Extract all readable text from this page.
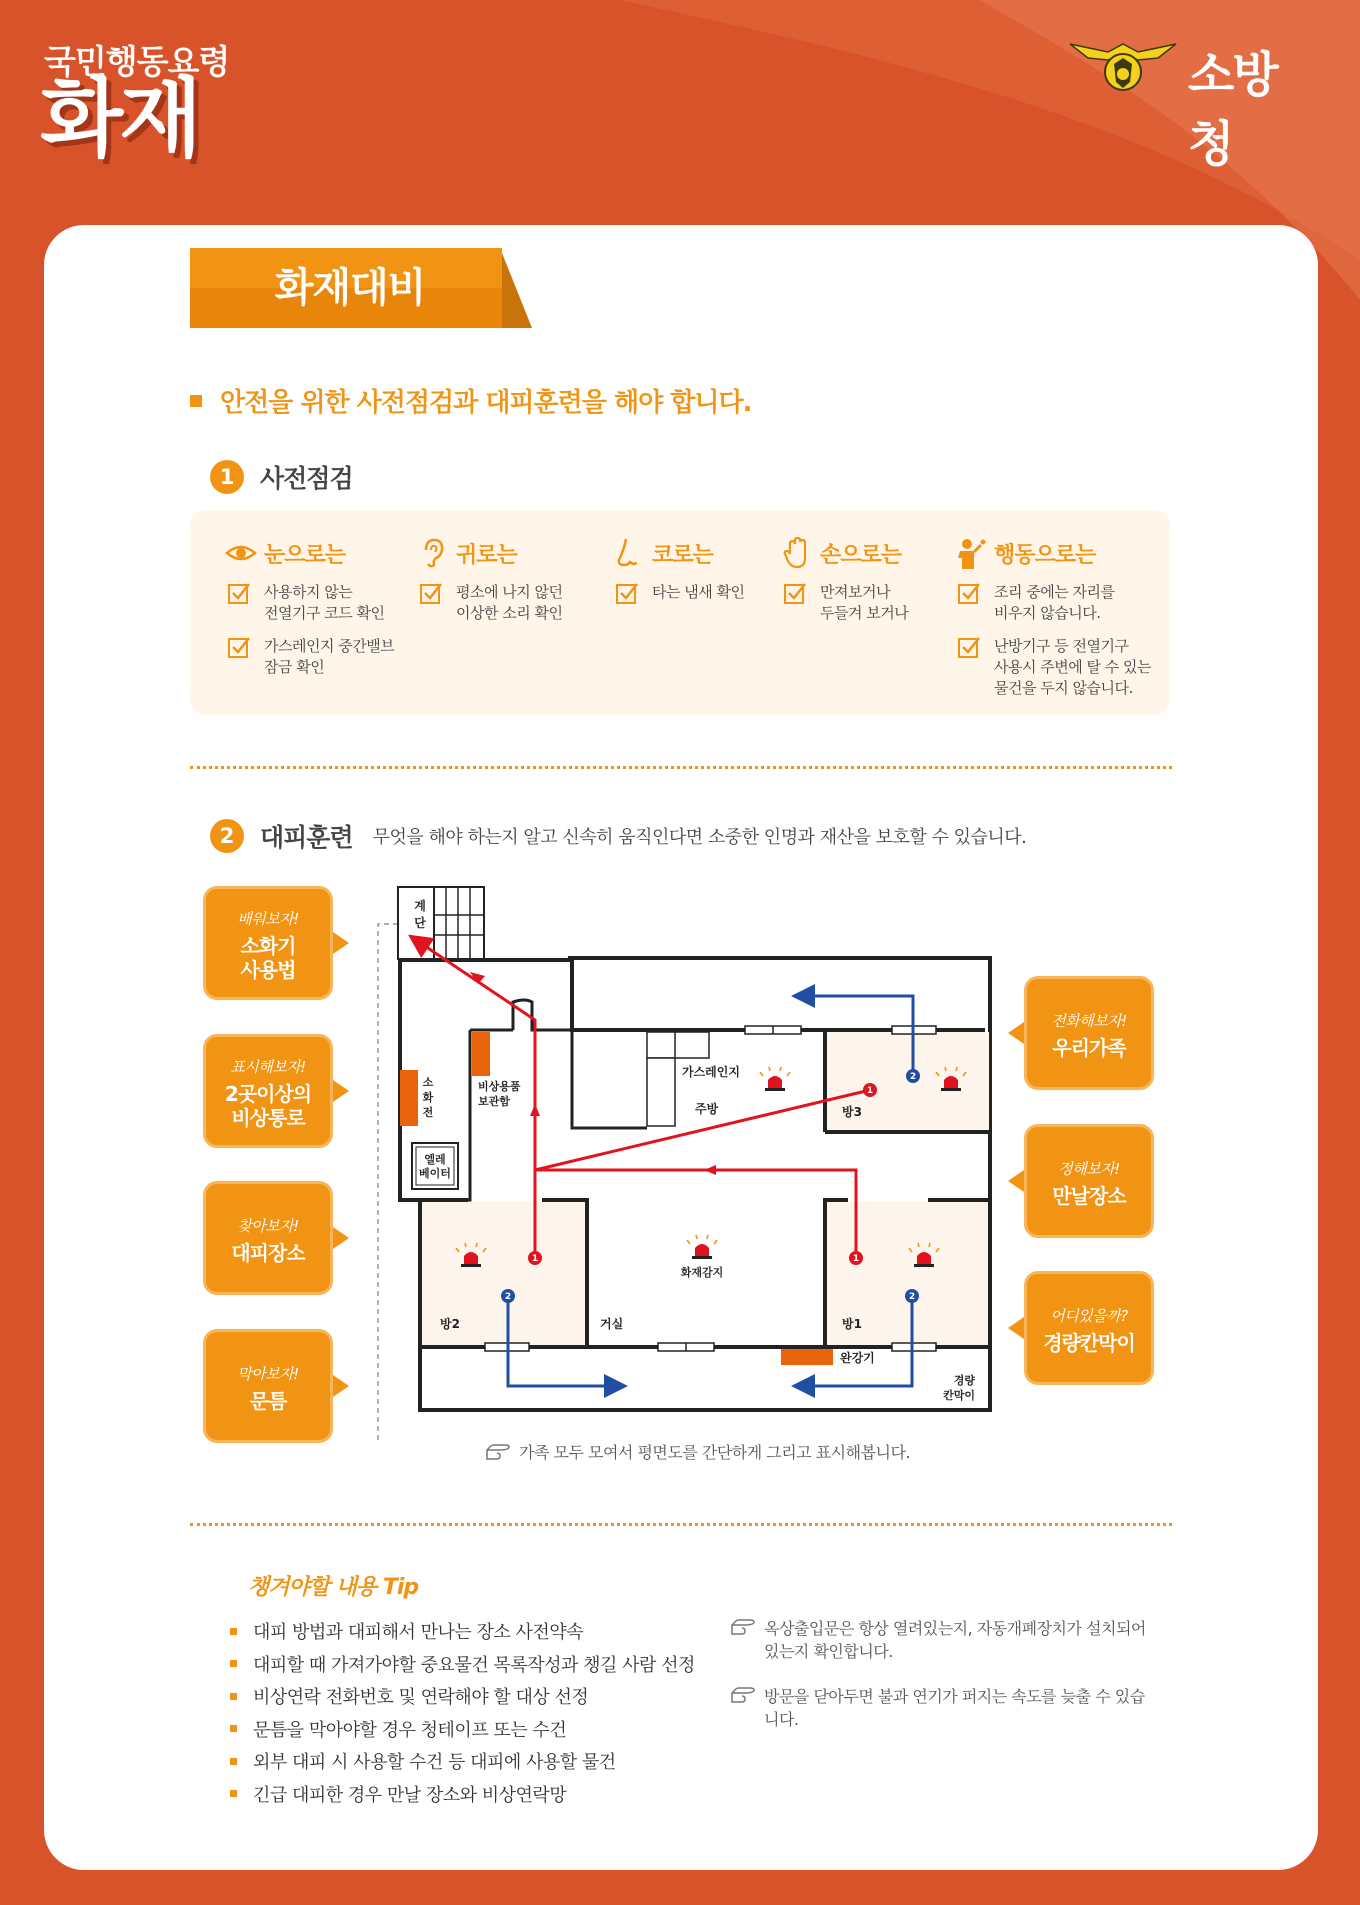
국민행동요령
화재	소방청
화재대비
안전을 위한 사전점검과 대피훈련을 해야 합니다.
1	사전점검
눈으로는
사용하지 않는
전열기구 코드 확인
가스레인지 중간밸브
잠금 확인
귀로는
평소에 나지 않던
이상한 소리 확인
코로는
타는 냄새 확인
손으로는
만져보거나
두들겨 보거나
행동으로는
조리 중에는 자리를
비우지 않습니다.
난방기구 등 전열기구
사용시 주변에 탈 수 있는
물건을 두지 않습니다.
2	대피훈련 무엇을 해야 하는지 알고 신속히 움직인다면 소중한 인명과 재산을 보호할 수 있습니다.
배워보자!
소화기
사용법
표시해보자!
2곳이상의
비상통로
찾아보자!
대피장소
막아보자!
문틈
전화해보자!
우리가족
정해보자!
만날장소
어디있을까?
경량칸막이
계 단
엘레 베이터
소 화 전
비상용품 보관함
가스레인지
주방	방3
방2	거실
화재감지
방1
완강기
경량 칸막이
1
1	1
2
2	2
가족 모두 모여서 평면도를 간단하게 그리고 표시해봅니다.
챙겨야할 내용 Tip
대피 방법과 대피해서 만나는 장소 사전약속
대피할 때 가져가야할 중요물건 목록작성과 챙길 사람 선정
비상연락 전화번호 및 연락해야 할 대상 선정
문틈을 막아야할 경우 청테이프 또는 수건
외부 대피 시 사용할 수건 등 대피에 사용할 물건
긴급 대피한 경우 만날 장소와 비상연락망
옥상출입문은 항상 열려있는지, 자동개폐장치가 설치되어
있는지 확인합니다.
방문을 닫아두면 불과 연기가 퍼지는 속도를 늦출 수 있습니다.
